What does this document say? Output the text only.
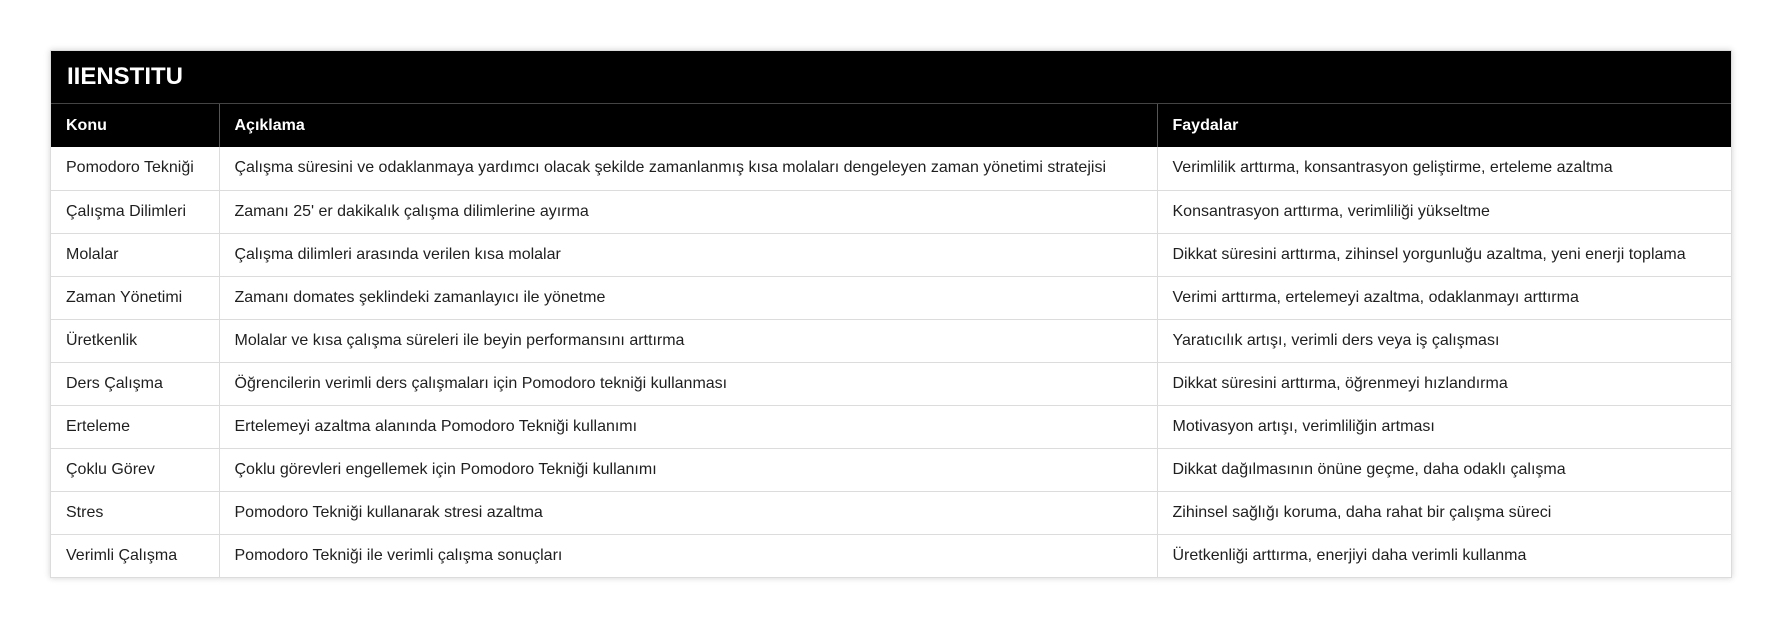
IIENSTITU
Konu	Açıklama	Faydalar
Pomodoro Tekniği	Çalışma süresini ve odaklanmaya yardımcı olacak şekilde zamanlanmış kısa molaları dengeleyen zaman yönetimi stratejisi	Verimlilik arttırma, konsantrasyon geliştirme, erteleme azaltma
Çalışma Dilimleri	Zamanı 25' er dakikalık çalışma dilimlerine ayırma	Konsantrasyon arttırma, verimliliği yükseltme
Molalar	Çalışma dilimleri arasında verilen kısa molalar	Dikkat süresini arttırma, zihinsel yorgunluğu azaltma, yeni enerji toplama
Zaman Yönetimi	Zamanı domates şeklindeki zamanlayıcı ile yönetme	Verimi arttırma, ertelemeyi azaltma, odaklanmayı arttırma
Üretkenlik	Molalar ve kısa çalışma süreleri ile beyin performansını arttırma	Yaratıcılık artışı, verimli ders veya iş çalışması
Ders Çalışma	Öğrencilerin verimli ders çalışmaları için Pomodoro tekniği kullanması	Dikkat süresini arttırma, öğrenmeyi hızlandırma
Erteleme	Ertelemeyi azaltma alanında Pomodoro Tekniği kullanımı	Motivasyon artışı, verimliliğin artması
Çoklu Görev	Çoklu görevleri engellemek için Pomodoro Tekniği kullanımı	Dikkat dağılmasının önüne geçme, daha odaklı çalışma
Stres	Pomodoro Tekniği kullanarak stresi azaltma	Zihinsel sağlığı koruma, daha rahat bir çalışma süreci
Verimli Çalışma	Pomodoro Tekniği ile verimli çalışma sonuçları	Üretkenliği arttırma, enerjiyi daha verimli kullanma
